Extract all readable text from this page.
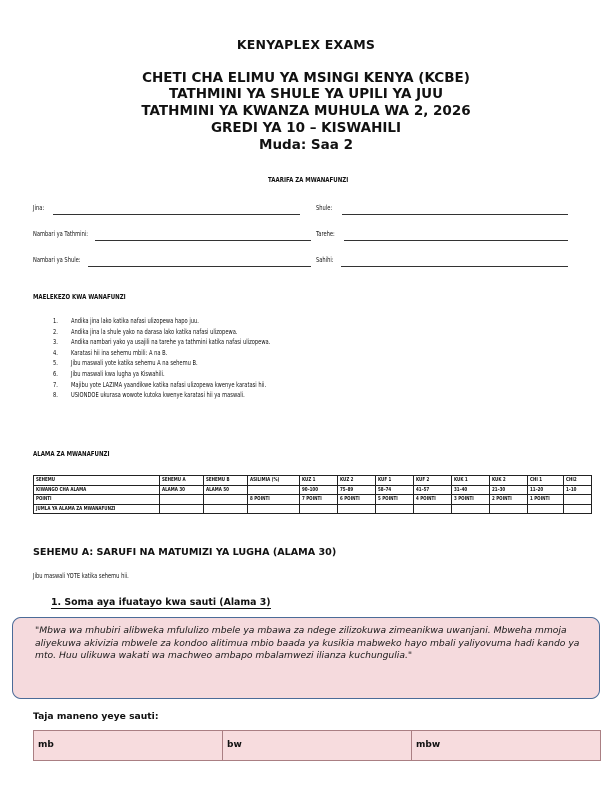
KENYAPLEX EXAMS
CHETI CHA ELIMU YA MSINGI KENYA (KCBE)
TATHMINI YA SHULE YA UPILI YA JUU
TATHMINI YA KWANZA MUHULA WA 2, 2026
GREDI YA 10 – KISWAHILI
Muda: Saa 2
TAARIFA ZA MWANAFUNZI
Jina:	Shule:
Nambari ya Tathmini:	Tarehe:
Nambari ya Shule:	Sahihi:
MAELEKEZO KWA WANAFUNZI
1. Andika jina lako katika nafasi ulizopewa hapo juu.
2. Andika jina la shule yako na darasa lako katika nafasi ulizopewa.
3. Andika nambari yako ya usajili na tarehe ya tathmini katika nafasi ulizopewa.
4. Karatasi hii ina sehemu mbili: A na B.
5. Jibu maswali yote katika sehemu A na sehemu B.
6. Jibu maswali kwa lugha ya Kiswahili.
7. Majibu yote LAZIMA yaandikwe katika nafasi ulizopewa kwenye karatasi hii.
8. USIONDOE ukurasa wowote kutoka kwenye karatasi hii ya maswali.
ALAMA ZA MWANAFUNZI
SEHEMU	SEHEMU A	SEHEMU B	ASILIMIA (%)	KUZ 1	KUZ 2	KUF 1	KUF 2	KUK 1	KUK 2	CHI 1	CHI2
KIWANGO CHA ALAMA	ALAMA 30	ALAMA 50		90–100	75–89	58–74	41–57	31–40	21–30	11–20	1–10
POINTI			8 POINTI	7 POINTI	6 POINTI	5 POINTI	4 POINTI	3 POINTI	2 POINTI	1 POINTI	
JUMLA YA ALAMA ZA MWANAFUNZI											
SEHEMU A: SARUFI NA MATUMIZI YA LUGHA (ALAMA 30)
Jibu maswali YOTE katika sehemu hii.
1. Soma aya ifuatayo kwa sauti (Alama 3)
"Mbwa wa mhubiri alibweka mfululizo mbele ya mbawa za ndege zilizokuwa zimeanikwa uwanjani. Mbweha mmoja aliyekuwa akivizia mbwele za kondoo alitimua mbio baada ya kusikia mabweko hayo mbali yaliyovuma hadi kando ya mto. Huu ulikuwa wakati wa machweo ambapo mbalamwezi ilianza kuchungulia."
Taja maneno yeye sauti:
mb	bw	mbw
